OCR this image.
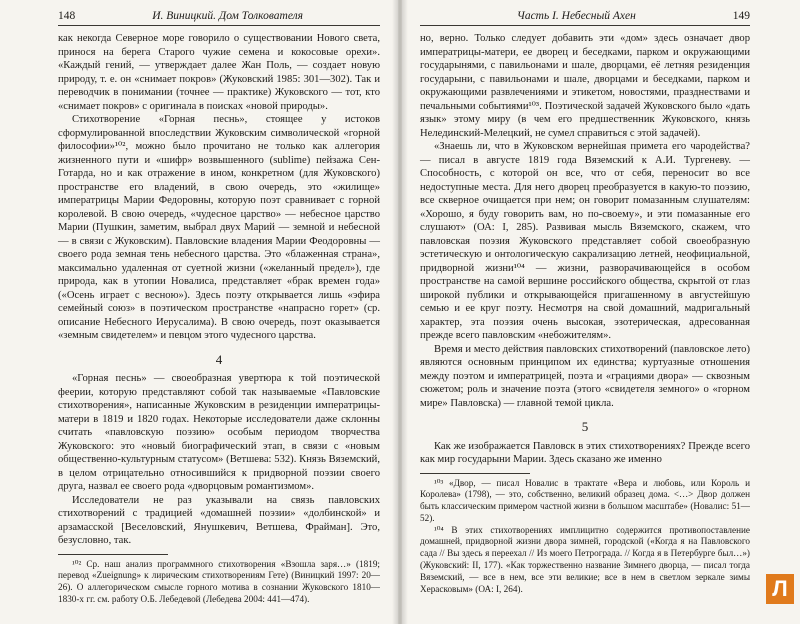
148	И. Виницкий. Дом Толкователя

как некогда Северное море говорило о существовании Нового света, принося на берега Старого чужие семена и кокосовые орехи». «Каждый гений, — утверждает далее Жан Поль, — создает новую природу, т. е. он «снимает покров» (Жуковский 1985: 301—302). Так и переводчик в понимании (точнее — практике) Жуковского — тот, кто «снимает покров» с оригинала в поисках «новой природы».

Стихотворение «Горная песнь», стоящее у истоков сформулированной впоследствии Жуковским символической «горной философии»¹⁰², можно было прочитано не только как аллегория жизненного пути и «шифр» возвышенного (sublime) пейзажа Сен-Готарда, но и как отражение в ином, конкретном (для Жуковского) пространстве его владений, в свою очередь, это «жилище» императрицы Марии Федоровны, которую поэт сравнивает с горной королевой. В свою очередь, «чудесное царство» — небесное царство Марии (Пушкин, заметим, выбрал двух Марий — земной и небесной — в связи с Жуковским). Павловские владения Марии Феодоровны — своего рода земная тень небесного царства. Это «блаженная страна», максимально удаленная от суетной жизни («желанный предел»), где природа, как в утопии Новалиса, представляет «брак времен года» («Осень играет с весною»). Здесь поэту открывается лишь «эфира семейный союз» в поэтическом пространстве «напрасно горет» (ср. описание Небесного Иерусалима). В свою очередь, поэт оказывается «земным свидетелем» и певцом этого чудесного царства.

4

«Горная песнь» — своеобразная увертюра к той поэтической феерии, которую представляют собой так называемые «Павловские стихотворения», написанные Жуковским в резиденции императрицы-матери в 1819 и 1820 годах. Некоторые исследователи даже склонны считать «павловскую поэзию» особым периодом творчества Жуковского: это «новый биографический этап, в связи с «новым общественно-культурным статусом» (Ветшева: 532). Князь Вяземский, в целом отрицательно относившийся к придворной поэзии своего друга, назвал ее своего рода «дворцовым романтизмом».

Исследователи не раз указывали на связь павловских стихотворений с традицией «домашней поэзии» «долбинской» и арзамасской [Веселовский, Янушкевич, Ветшева, Фрайман]. Это, безусловно, так.

¹⁰² Ср. наш анализ программного стихотворения «Взошла заря…» (1819; перевод «Zueignung» к лирическим стихотворениям Гете) (Виницкий 1997: 20—26). О аллегорическом смысле горного мотива в сознании Жуковского 1810—1830-х гг. см. работу О.Б. Лебедевой (Лебедева 2004: 441—474).

Часть I. Небесный Ахен	149

но, верно. Только следует добавить эти «дом» здесь означает двор императрицы-матери, ее дворец и беседками, парком и окружающими государынями, с павильонами и шале, дворцами, её летняя резиденция государыни, с павильонами и шале, дворцами и беседками, парком и окружающими развлечениями и этикетом, новостями, празднествами и печальными событиями¹⁰³. Поэтической задачей Жуковского было «дать язык» этому миру (в чем его предшественник Жуковского, князь Нелединский-Мелецкий, не сумел справиться с этой задачей).

«Знаешь ли, что в Жуковском вернейшая примета его чародейства? — писал в августе 1819 года Вяземский к А.И. Тургеневу. — Способность, с которой он все, что от себя, переносит во все недоступные места. Для него дворец преобразуется в какую-то поэзию, все скверное очищается при нем; он говорит помазанным слушателям: «Хорошо, я буду говорить вам, но по-своему», и эти помазанные его слушают» (ОА: I, 285). Развивая мысль Вяземского, скажем, что павловская поэзия Жуковского представляет собой своеобразную эстетическую и онтологическую сакрализацию летней, неофициальной, придворной жизни¹⁰⁴ — жизни, разворачивающейся в особом пространстве на самой вершине российского общества, скрытой от глаз широкой публики и открывающейся пригашенному в августейшую семью и ее круг поэту. Несмотря на свой домашний, мадригальный характер, эта поэзия очень высокая, эзотерическая, адресованная прежде всего павловским «небожителям».

Время и место действия павловских стихотворений (павловское лето) являются основным принципом их единства; куртуазные отношения между поэтом и императрицей, поэта и «грациями двора» — сквозным сюжетом; роль и значение поэта (этого «свидетеля земного» о «горном мире» Павловска) — главной темой цикла.

5

Как же изображается Павловск в этих стихотворениях? Прежде всего как мир государыни Марии. Здесь сказано же именно

¹⁰³ «Двор, — писал Новалис в трактате «Вера и любовь, или Король и Королева» (1798), — это, собственно, великий образец дома. <…> Двор должен быть классическим примером частной жизни в большом масштабе» (Новалис: 51—52).

¹⁰⁴ В этих стихотворениях имплицитно содержится противопоставление домашней, придворной жизни двора зимней, городской («Когда я на Павловского сада // Вы здесь я переехал // Из моего Петрограда. // Когда я в Петербурге был…») (Жуковский: II, 177). «Как торжественно название Зимнего дворца, — писал тогда Вяземский, — все в нем, все эти великие; все в нем в светлом зеркале зимы Херасковым» (ОА: I, 264).	Л
